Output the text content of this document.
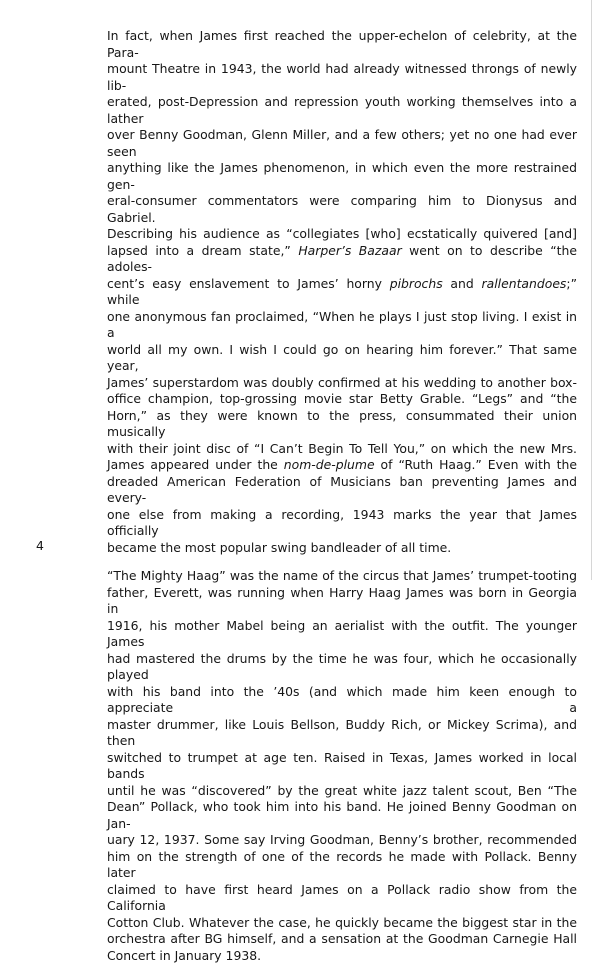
In fact, when James first reached the upper-echelon of celebrity, at the Para-
mount Theatre in 1943, the world had already witnessed throngs of newly lib-
erated, post-Depression and repression youth working themselves into a lather
over Benny Goodman, Glenn Miller, and a few others; yet no one had ever seen
anything like the James phenomenon, in which even the more restrained gen-
eral-consumer commentators were comparing him to Dionysus and Gabriel.
Describing his audience as “collegiates [who] ecstatically quivered [and]
lapsed into a dream state,” Harper’s Bazaar went on to describe “the adoles-
cent’s easy enslavement to James’ horny pibrochs and rallentandoes;” while
one anonymous fan proclaimed, “When he plays I just stop living. I exist in a
world all my own. I wish I could go on hearing him forever.” That same year,
James’ superstardom was doubly confirmed at his wedding to another box-
office champion, top-grossing movie star Betty Grable. “Legs” and “the
Horn,” as they were known to the press, consummated their union musically
with their joint disc of “I Can’t Begin To Tell You,” on which the new Mrs.
James appeared under the nom-de-plume of “Ruth Haag.” Even with the
dreaded American Federation of Musicians ban preventing James and every-
one else from making a recording, 1943 marks the year that James officially
became the most popular swing bandleader of all time.

“The Mighty Haag” was the name of the circus that James’ trumpet-tooting
father, Everett, was running when Harry Haag James was born in Georgia in
1916, his mother Mabel being an aerialist with the outfit. The younger James
had mastered the drums by the time he was four, which he occasionally played
with his band into the ’40s (and which made him keen enough to appreciate a
master drummer, like Louis Bellson, Buddy Rich, or Mickey Scrima), and then
switched to trumpet at age ten. Raised in Texas, James worked in local bands
until he was “discovered” by the great white jazz talent scout, Ben “The
Dean” Pollack, who took him into his band. He joined Benny Goodman on Jan-
uary 12, 1937. Some say Irving Goodman, Benny’s brother, recommended
him on the strength of one of the records he made with Pollack. Benny later
claimed to have first heard James on a Pollack radio show from the California
Cotton Club. Whatever the case, he quickly became the biggest star in the
orchestra after BG himself, and a sensation at the Goodman Carnegie Hall
Concert in January 1938.

4
